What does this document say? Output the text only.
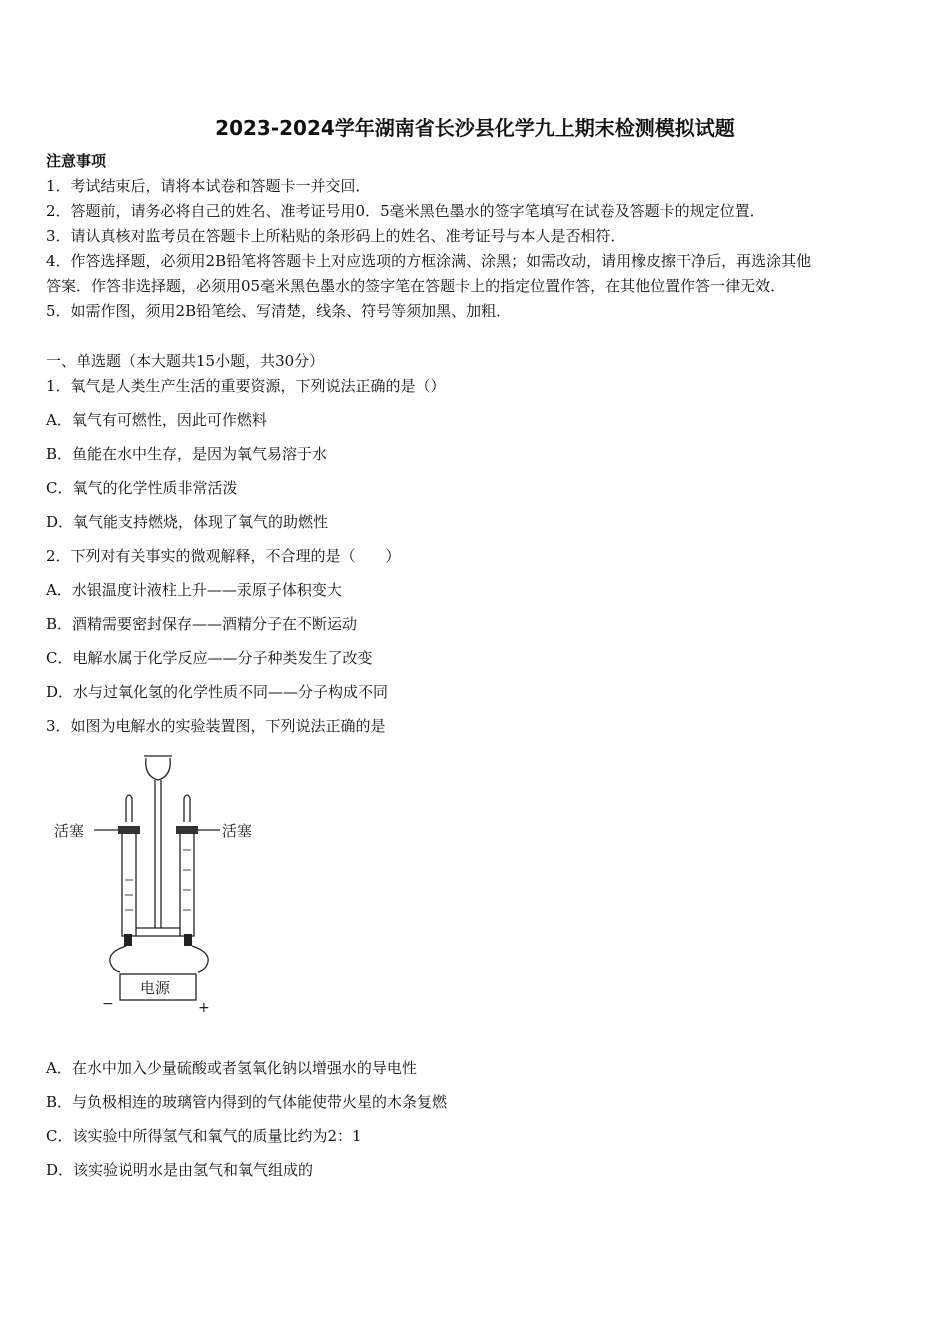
2023-2024学年湖南省长沙县化学九上期末检测模拟试题
注意事项
1．考试结束后，请将本试卷和答题卡一并交回．
2．答题前，请务必将自己的姓名、准考证号用0．5毫米黑色墨水的签字笔填写在试卷及答题卡的规定位置．
3．请认真核对监考员在答题卡上所粘贴的条形码上的姓名、准考证号与本人是否相符．
4．作答选择题，必须用2B铅笔将答题卡上对应选项的方框涂满、涂黑；如需改动，请用橡皮擦干净后，再选涂其他
答案．作答非选择题，必须用05毫米黑色墨水的签字笔在答题卡上的指定位置作答，在其他位置作答一律无效．
5．如需作图，须用2B铅笔绘、写清楚，线条、符号等须加黑、加粗．
一、单选题（本大题共15小题，共30分）
1．氧气是人类生产生活的重要资源，下列说法正确的是（）
A．氧气有可燃性，因此可作燃料
B．鱼能在水中生存，是因为氧气易溶于水
C．氧气的化学性质非常活泼
D．氧气能支持燃烧，体现了氧气的助燃性
2．下列对有关事实的微观解释，不合理的是（　　）
A．水银温度计液柱上升——汞原子体积变大
B．酒精需要密封保存——酒精分子在不断运动
C．电解水属于化学反应——分子种类发生了改变
D．水与过氧化氢的化学性质不同——分子构成不同
3．如图为电解水的实验装置图，下列说法正确的是
活塞	活塞
电源
−	+
A．在水中加入少量硫酸或者氢氧化钠以增强水的导电性
B．与负极相连的玻璃管内得到的气体能使带火星的木条复燃
C．该实验中所得氢气和氧气的质量比约为2：1
D．该实验说明水是由氢气和氧气组成的
